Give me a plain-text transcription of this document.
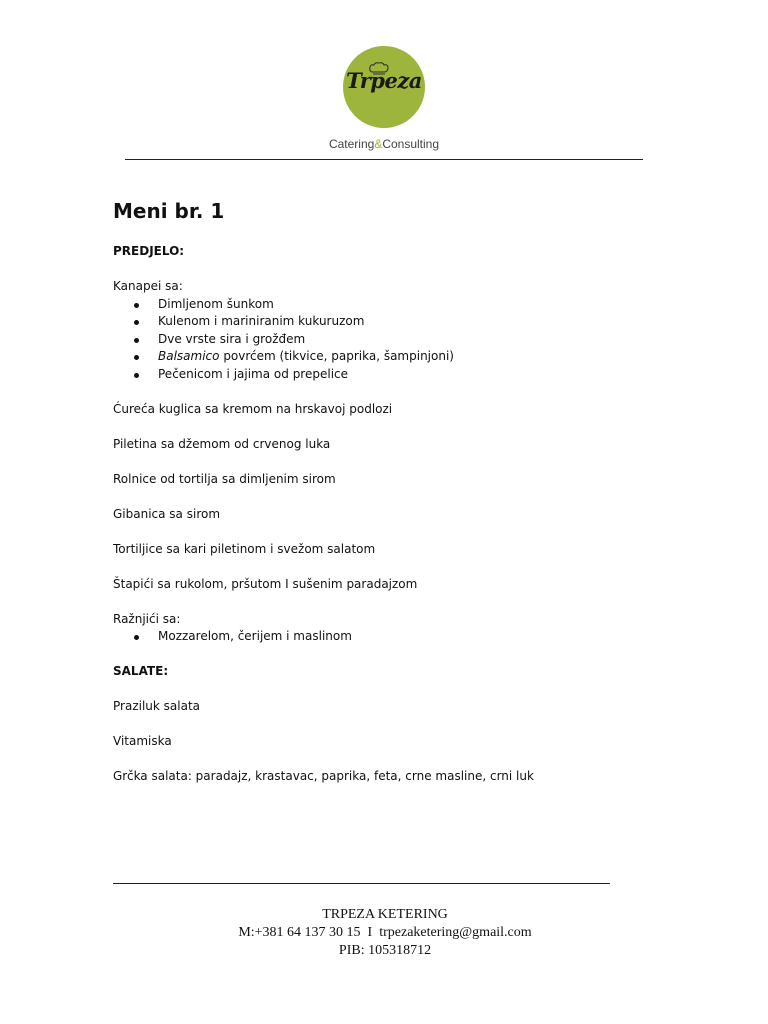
Trpeza
Catering&Consulting
Meni br. 1
PREDJELO:
Kanapei sa:
Dimljenom šunkom
Kulenom i mariniranim kukuruzom
Dve vrste sira i grožđem
Balsamico povrćem (tikvice, paprika, šampinjoni)
Pečenicom i jajima od prepelice
Ćureća kuglica sa kremom na hrskavoj podlozi
Piletina sa džemom od crvenog luka
Rolnice od tortilja sa dimljenim sirom
Gibanica sa sirom
Tortiljice sa kari piletinom i svežom salatom
Štapići sa rukolom, pršutom I sušenim paradajzom
Ražnjići sa:
Mozzarelom, čerijem i maslinom
SALATE:
Praziluk salata
Vitamiska
Grčka salata: paradajz, krastavac, paprika, feta, crne masline, crni luk
TRPEZA KETERING
M:+381 64 137 30 15  I  trpezaketering@gmail.com
PIB: 105318712
